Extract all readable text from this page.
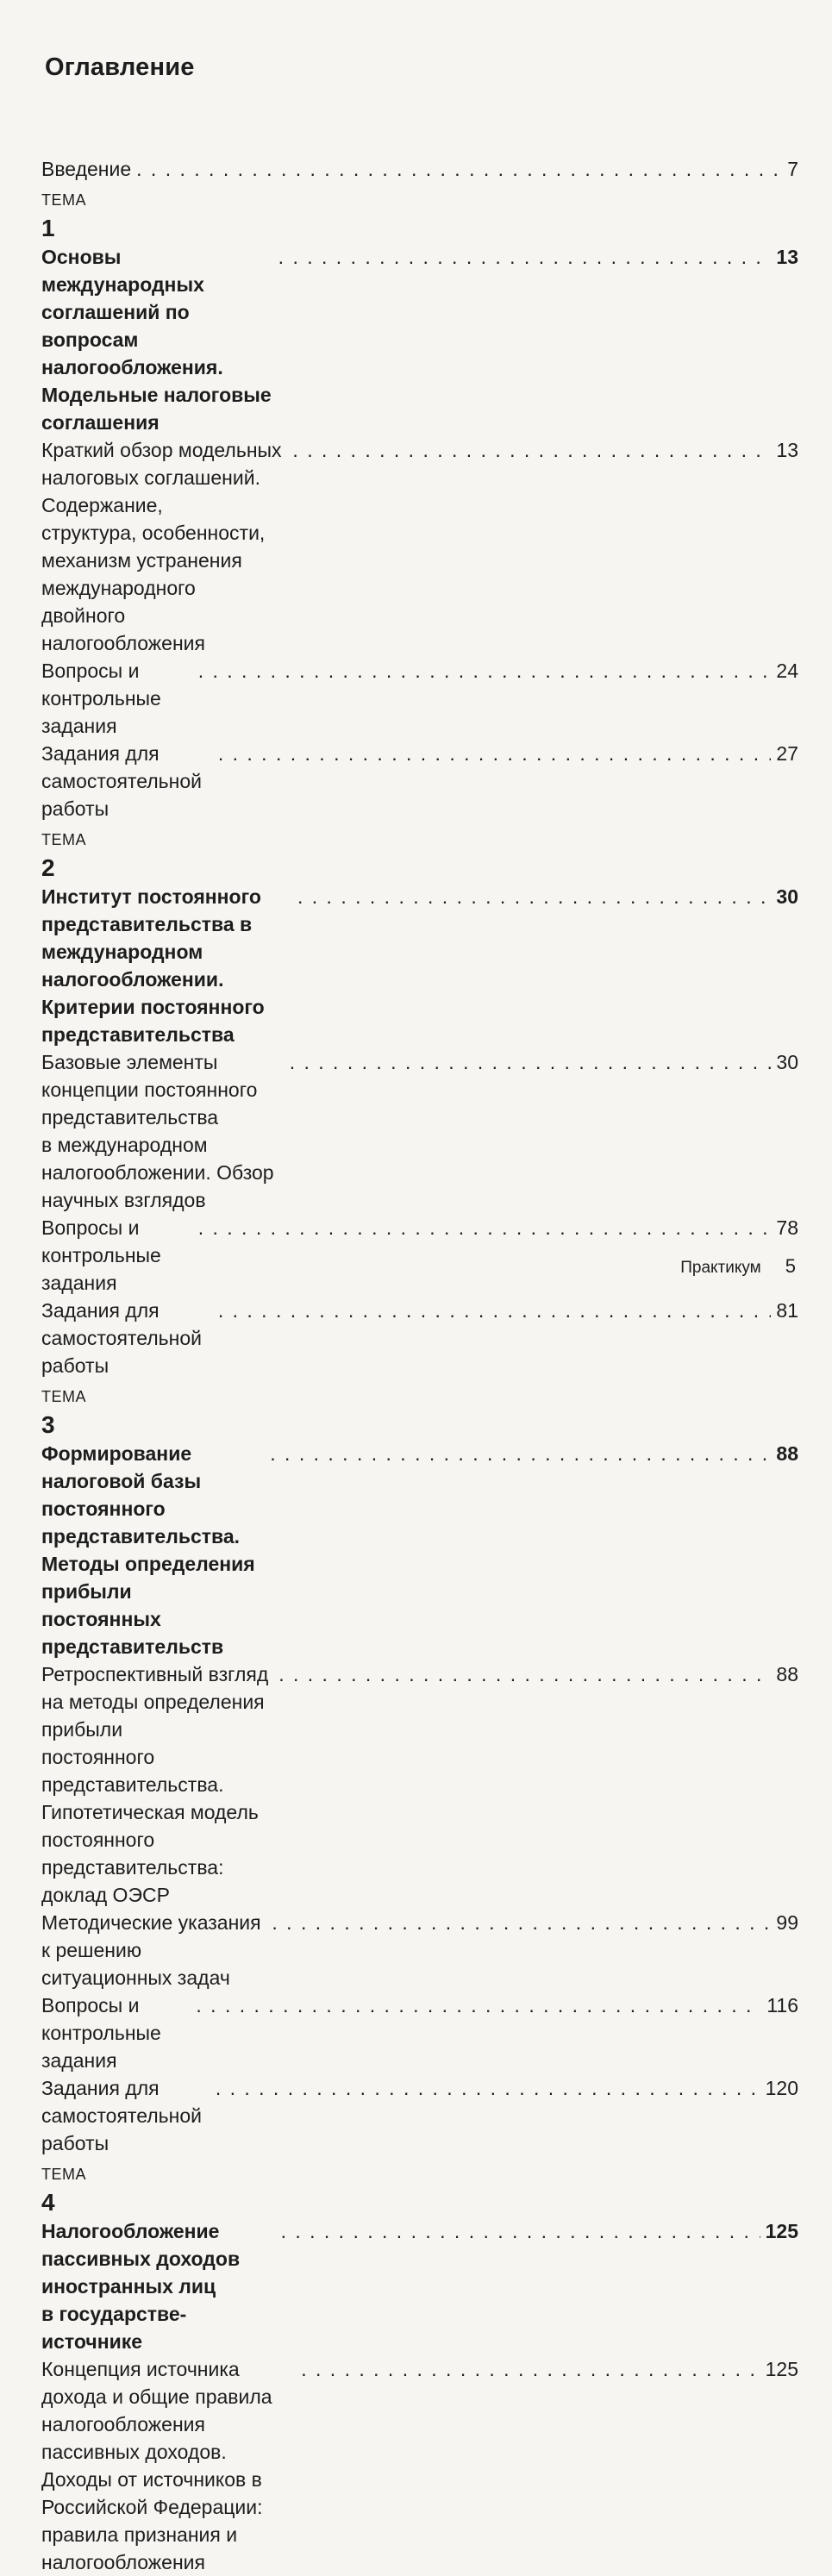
Оглавление
Введение
. . .	7
ТЕМА
1
Основы международных соглашений по вопросам
налогообложения. Модельные налоговые соглашения
. . .
13
Краткий обзор модельных налоговых соглашений. Содержание,
структура, особенности, механизм устранения международного
двойного налогообложения
. . .
13
Вопросы и контрольные задания
. . .
24
Задания для самостоятельной работы
. . .
27
ТЕМА
2
Институт постоянного представительства в международном
налогообложении. Критерии постоянного представительства
. . .
30
Базовые элементы концепции постоянного представительства
в международном налогообложении. Обзор научных взглядов
. . .
30
Вопросы и контрольные задания
. . .
78
Задания для самостоятельной работы
. . .
81
ТЕМА
3
Формирование налоговой базы постоянного
представительства. Методы определения прибыли
постоянных представительств
. . .
88
Ретроспективный взгляд на методы определения прибыли
постоянного представительства. Гипотетическая модель
постоянного представительства: доклад ОЭСР
. . .
88
Методические указания к решению ситуационных задач
. . .
99
Вопросы и контрольные задания
. . .
116
Задания для самостоятельной работы
. . .
120
ТЕМА
4
Налогообложение пассивных доходов иностранных лиц
в государстве-источнике
. . .
125
Концепция источника дохода и общие правила налогообложения
пассивных доходов. Доходы от источников в Российской Федерации:
правила признания и налогообложения
. . .
125
Практикум 5
